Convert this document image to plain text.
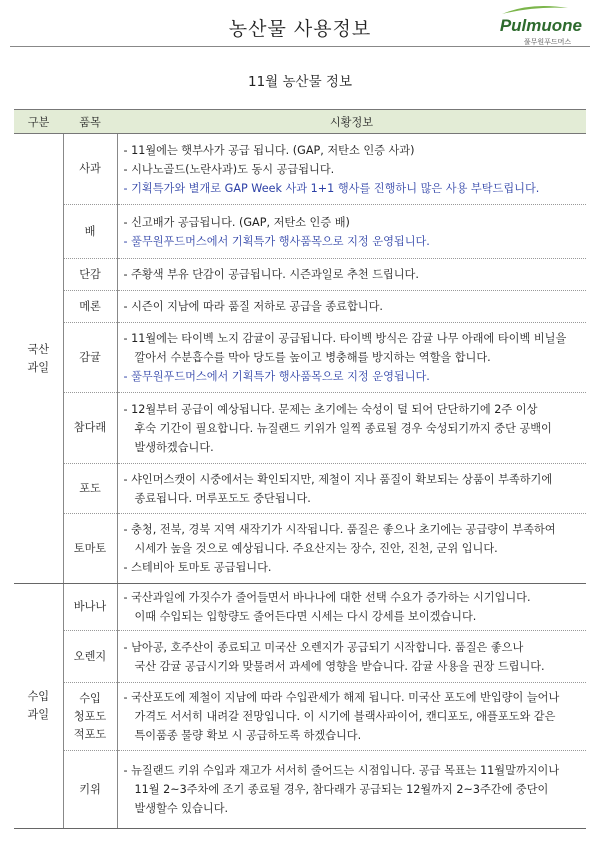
농산물 사용정보	Pulmuone
풀무원푸드머스
11월 농산물 정보
구분	품목	시황정보

국산
과일	사과	- 11월에는 햇부사가 공급 됩니다. (GAP, 저탄소 인증 사과)
- 시나노골드(노란사과)도 동시 공급됩니다.
- 기획특가와 별개로 GAP Week 사과 1+1 행사를 진행하니 많은 사용 부탁드립니다.

	배	- 신고배가 공급됩니다. (GAP, 저탄소 인증 배)
- 풀무원푸드머스에서 기획특가 행사품목으로 지정 운영됩니다.

	단감	- 주황색 부유 단감이 공급됩니다. 시즌과일로 추천 드립니다.

	메론	- 시즌이 지남에 따라 품질 저하로 공급을 종료합니다.

	감귤	- 11월에는 타이벡 노지 감귤이 공급됩니다. 타이벡 방식은 감귤 나무 아래에 타이벡 비닐을
깔아서 수분흡수를 막아 당도를 높이고 병충해를 방지하는 역할을 합니다.
- 풀무원푸드머스에서 기획특가 행사품목으로 지정 운영됩니다.

	참다래	- 12월부터 공급이 예상됩니다. 문제는 초기에는 숙성이 덜 되어 단단하기에 2주 이상
후숙 기간이 필요합니다. 뉴질랜드 키위가 일찍 종료될 경우 숙성되기까지 중단 공백이
발생하겠습니다.

	포도	- 샤인머스캣이 시중에서는 확인되지만, 제철이 지나 품질이 확보되는 상품이 부족하기에
종료됩니다. 머루포도도 중단됩니다.

	토마토	- 충청, 전북, 경북 지역 새작기가 시작됩니다. 품질은 좋으나 초기에는 공급량이 부족하여
시세가 높을 것으로 예상됩니다. 주요산지는 장수, 진안, 진천, 군위 입니다.
- 스테비아 토마토 공급됩니다.

수입
과일	바나나	- 국산과일에 가짓수가 줄어들면서 바나나에 대한 선택 수요가 증가하는 시기입니다.
이때 수입되는 입항량도 줄어든다면 시세는 다시 강세를 보이겠습니다.

	오렌지	- 남아공, 호주산이 종료되고 미국산 오렌지가 공급되기 시작합니다. 품질은 좋으나
국산 감귤 공급시기와 맞물려서 과세에 영향을 받습니다. 감귤 사용을 권장 드립니다.

	수입
청포도
적포도	- 국산포도에 제철이 지남에 따라 수입관세가 해제 됩니다. 미국산 포도에 반입량이 늘어나
가격도 서서히 내려갈 전망입니다. 이 시기에 블랙사파이어, 캔디포도, 애플포도와 같은
특이품종 물량 확보 시 공급하도록 하겠습니다.

	키위	- 뉴질랜드 키위 수입과 재고가 서서히 줄어드는 시점입니다. 공급 목표는 11월말까지이나
11월 2~3주차에 조기 종료될 경우, 참다래가 공급되는 12월까지 2~3주간에 중단이
발생할수 있습니다.
